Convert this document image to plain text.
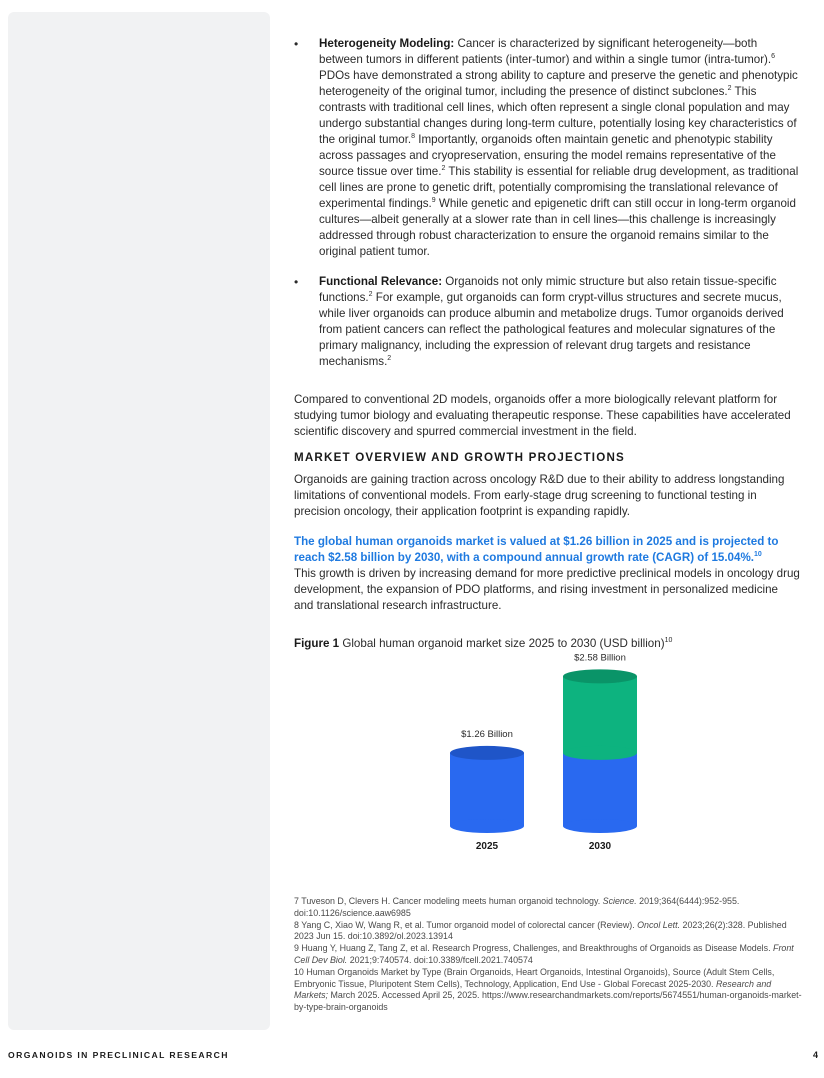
• Heterogeneity Modeling: Cancer is characterized by significant heterogeneity—both between tumors in different patients (inter-tumor) and within a single tumor (intra-tumor).$^6$ PDOs have demonstrated a strong ability to capture and preserve the genetic and phenotypic heterogeneity of the original tumor, including the presence of distinct subclones.$^2$ This contrasts with traditional cell lines, which often represent a single clonal population and may undergo substantial changes during long-term culture, potentially losing key characteristics of the original tumor.$^8$ Importantly, organoids often maintain genetic and phenotypic stability across passages and cryopreservation, ensuring the model remains representative of the source tissue over time.$^2$ This stability is essential for reliable drug development, as traditional cell lines are prone to genetic drift, potentially compromising the translational relevance of experimental findings.$^9$ While genetic and epigenetic drift can still occur in long-term organoid cultures—albeit generally at a slower rate than in cell lines—this challenge is increasingly addressed through robust characterization to ensure the organoid remains similar to the original patient tumor.
• Functional Relevance: Organoids not only mimic structure but also retain tissue-specific functions.$^2$ For example, gut organoids can form crypt-villus structures and secrete mucus, while liver organoids can produce albumin and metabolize drugs. Tumor organoids derived from patient cancers can reflect the pathological features and molecular signatures of the primary malignancy, including the expression of relevant drug targets and resistance mechanisms.$^2$

Compared to conventional 2D models, organoids offer a more biologically relevant platform for studying tumor biology and evaluating therapeutic response. These capabilities have accelerated scientific discovery and spurred commercial investment in the field.

MARKET OVERVIEW AND GROWTH PROJECTIONS

Organoids are gaining traction across oncology R&D due to their ability to address longstanding limitations of conventional models. From early-stage drug screening to functional testing in precision oncology, their application footprint is expanding rapidly.

The global human organoids market is valued at $1.26 billion in 2025 and is projected to reach $2.58 billion by 2030, with a compound annual growth rate (CAGR) of 15.04%.$^{10}$

This growth is driven by increasing demand for more predictive preclinical models in oncology drug development, the expansion of PDO platforms, and rising investment in personalized medicine and translational research infrastructure.

Figure 1 Global human organoid market size 2025 to 2030 (USD billion)$^{10}$

$1.26 Billion
2025
$2.58 Billion
2030

7 Tuveson D, Clevers H. Cancer modeling meets human organoid technology. Science. 2019;364(6444):952-955. doi:10.1126/science.aaw6985

8 Yang C, Xiao W, Wang R, et al. Tumor organoid model of colorectal cancer (Review). Oncol Lett. 2023;26(2):328. Published 2023 Jun 15. doi:10.3892/ol.2023.13914

9 Huang Y, Huang Z, Tang Z, et al. Research Progress, Challenges, and Breakthroughs of Organoids as Disease Models. Front Cell Dev Biol. 2021;9:740574. doi:10.3389/fcell.2021.740574

10 Human Organoids Market by Type (Brain Organoids, Heart Organoids, Intestinal Organoids), Source (Adult Stem Cells, Embryonic Tissue, Pluripotent Stem Cells), Technology, Application, End Use - Global Forecast 2025-2030. Research and Markets; March 2025. Accessed April 25, 2025. https://www.researchandmarkets.com/reports/5674551/human-organoids-market-by-type-brain-organoids

ORGANOIDS IN PRECLINICAL RESEARCH	4
